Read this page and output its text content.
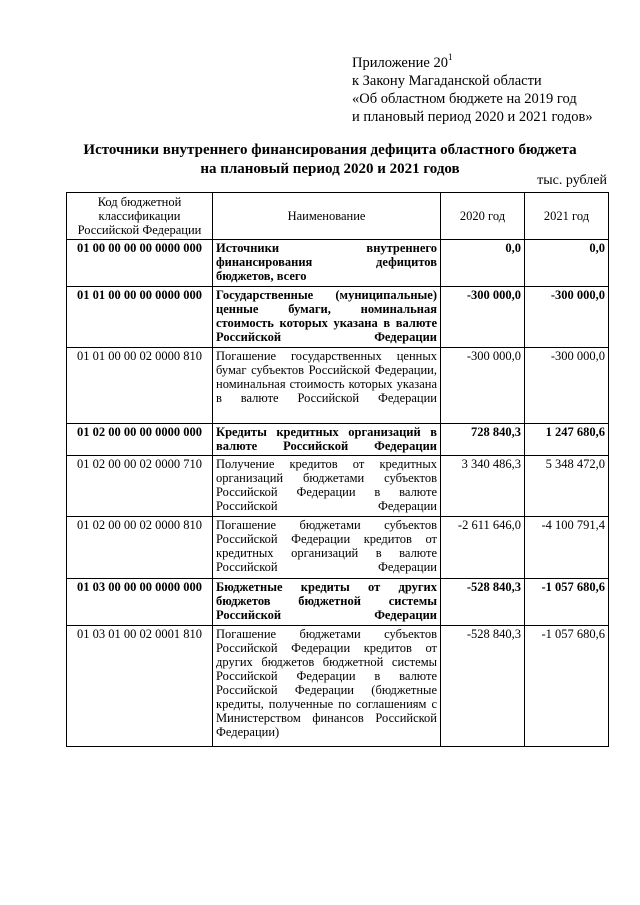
Приложение $20^1$
к Закону Магаданской области
«Об областном бюджете на 2019 год
и плановый период 2020 и 2021 годов»
Источники внутреннего финансирования дефицита областного бюджета
на плановый период 2020 и 2021 годов
тыс. рублей
Код бюджетной классификации Российской Федерации	Наименование	2020 год	2021 год
01 00 00 00 00 0000 000	Источники внутреннего финансирования дефицитов бюджетов, всего	0,0	0,0
01 01 00 00 00 0000 000	Государственные (муниципальные) ценные бумаги, номинальная стоимость которых указана в валюте Российской Федерации	-300 000,0	-300 000,0
01 01 00 00 02 0000 810	Погашение государственных ценных бумаг субъектов Российской Федерации, номинальная стоимость которых указана в валюте Российской Федерации	-300 000,0	-300 000,0
01 02 00 00 00 0000 000	Кредиты кредитных организаций в валюте Российской Федерации	728 840,3	1 247 680,6
01 02 00 00 02 0000 710	Получение кредитов от кредитных организаций бюджетами субъектов Российской Федерации в валюте Российской Федерации	3 340 486,3	5 348 472,0
01 02 00 00 02 0000 810	Погашение бюджетами субъектов Российской Федерации кредитов от кредитных организаций в валюте Российской Федерации	-2 611 646,0	-4 100 791,4
01 03 00 00 00 0000 000	Бюджетные кредиты от других бюджетов бюджетной системы Российской Федерации	-528 840,3	-1 057 680,6
01 03 01 00 02 0001 810	Погашение бюджетами субъектов Российской Федерации кредитов от других бюджетов бюджетной системы Российской Федерации в валюте Российской Федерации (бюджетные кредиты, полученные по соглашениям с Министерством финансов Российской Федерации)	-528 840,3	-1 057 680,6
